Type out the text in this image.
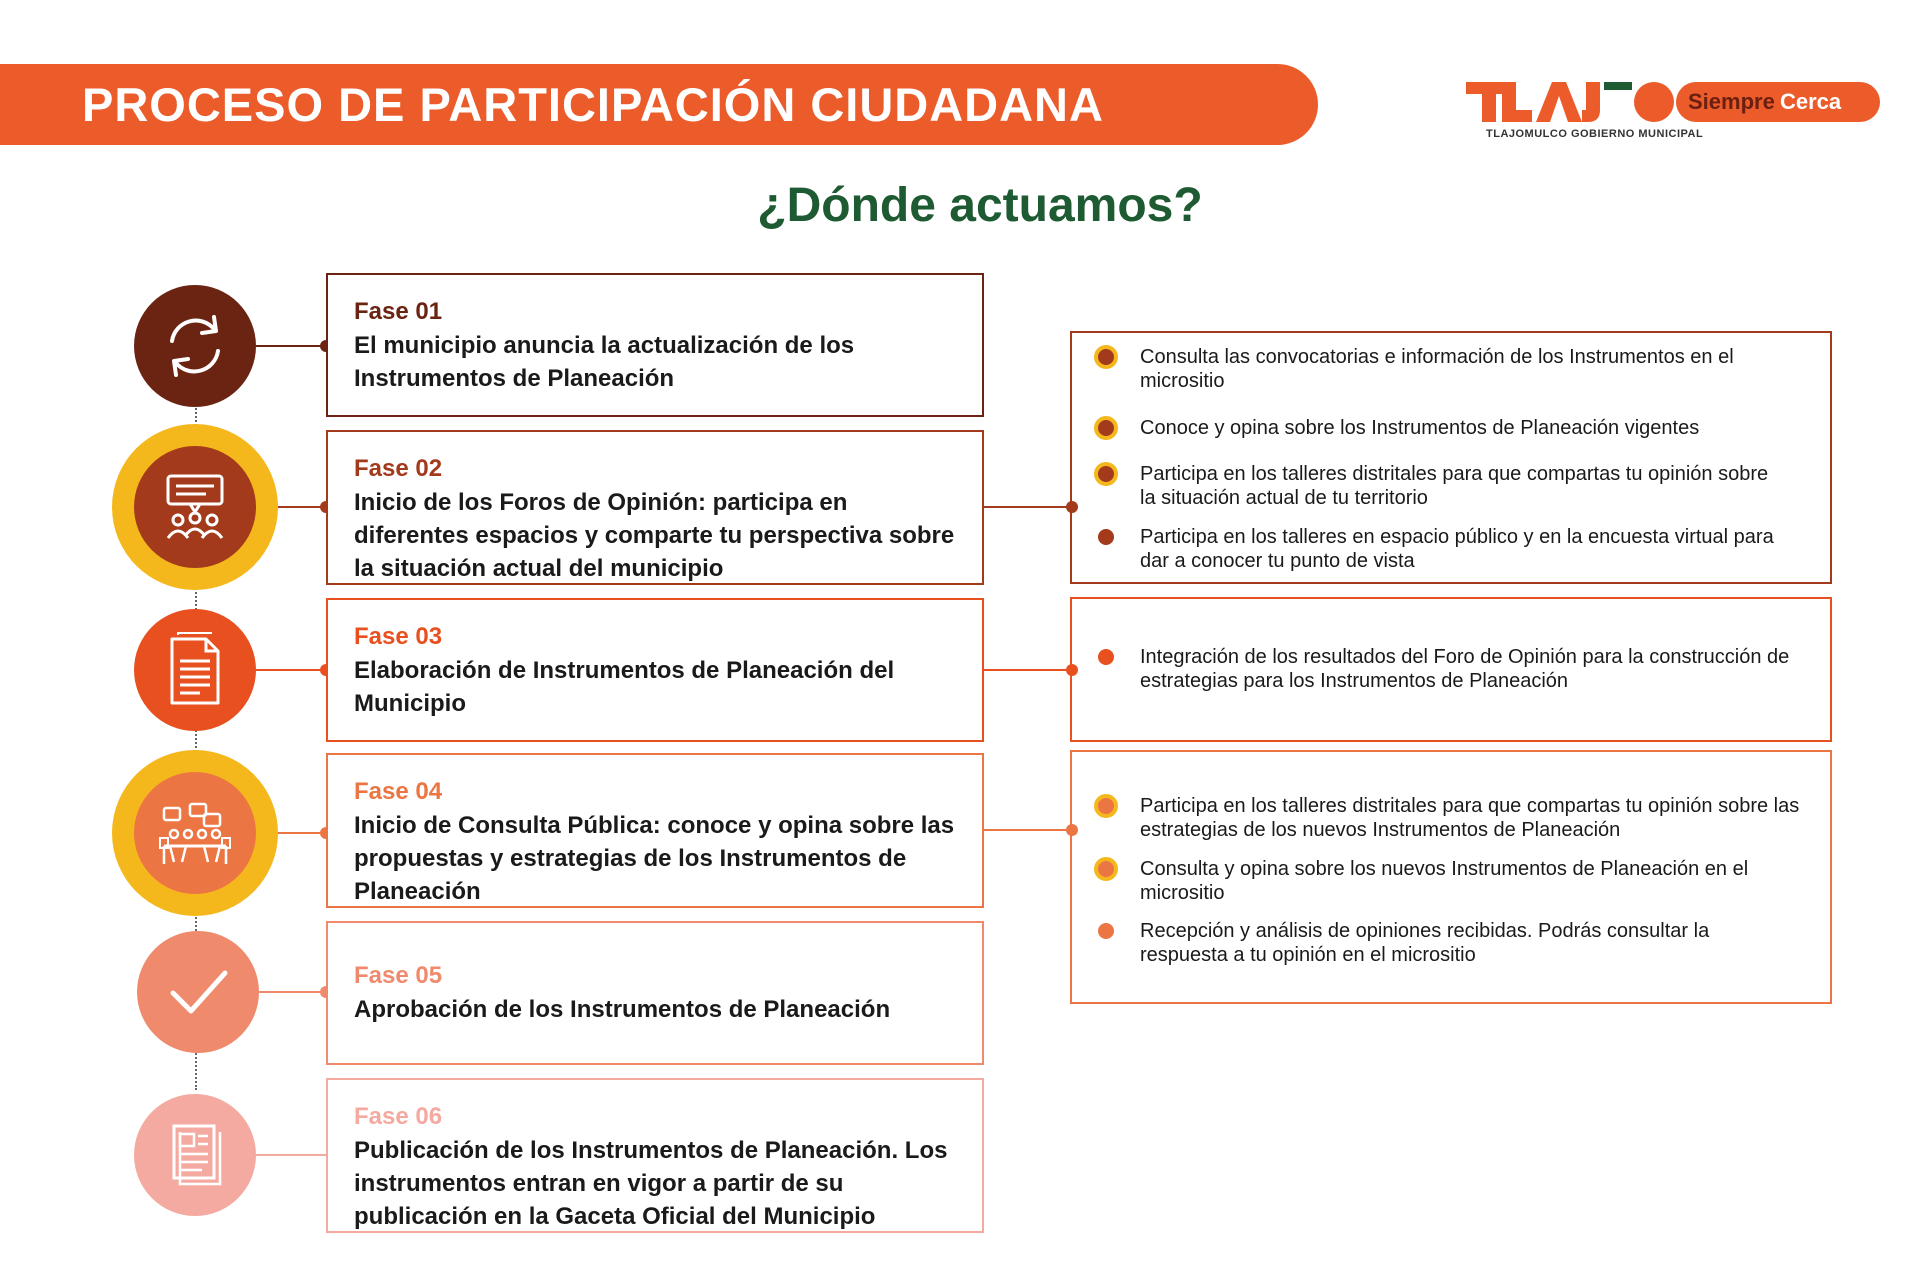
PROCESO DE PARTICIPACIÓN CIUDADANA	Siempre Cerca
TLAJOMULCO GOBIERNO MUNICIPAL
¿Dónde actuamos?
Fase 01
El municipio anuncia la actualización de los Instrumentos de Planeación
Fase 02
Inicio de los Foros de Opinión: participa en diferentes espacios y comparte tu perspectiva sobre la situación actual del municipio
Fase 03
Elaboración de Instrumentos de Planeación del Municipio
Fase 04
Inicio de Consulta Pública: conoce y opina sobre las propuestas y estrategias de los Instrumentos de Planeación
Fase 05
Aprobación de los Instrumentos de Planeación
Fase 06
Publicación de los Instrumentos de Planeación. Los instrumentos entran en vigor a partir de su publicación en la Gaceta Oficial del Municipio
Consulta las convocatorias e información de los Instrumentos en el micrositio
Conoce y opina sobre los Instrumentos de Planeación vigentes
Participa en los talleres distritales para que compartas tu opinión sobre la situación actual de tu territorio
Participa en los talleres en espacio público y en la encuesta virtual para dar a conocer tu punto de vista
Integración de los resultados del Foro de Opinión para la construcción de estrategias para los Instrumentos de Planeación
Participa en los talleres distritales para que compartas tu opinión sobre las estrategias de los nuevos Instrumentos de Planeación
Consulta y opina sobre los nuevos Instrumentos de Planeación en el micrositio
Recepción y análisis de opiniones recibidas. Podrás consultar la respuesta a tu opinión en el micrositio
